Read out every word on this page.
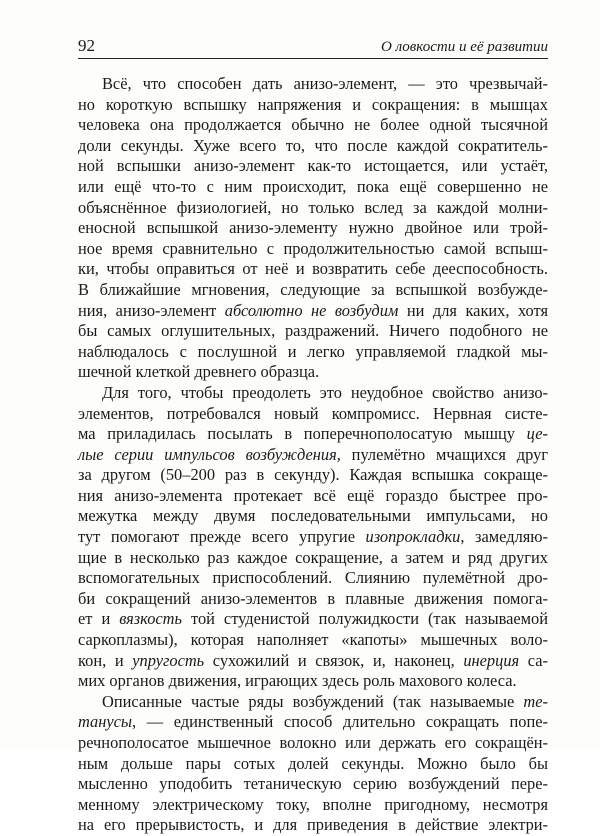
92	О ловкости и её развитии
Всё, что способен дать анизо-элемент, — это чрезвычай-
но короткую вспышку напряжения и сокращения: в мышцах
человека она продолжается обычно не более одной тысячной
доли секунды. Хуже всего то, что после каждой сократитель-
ной вспышки анизо-элемент как-то истощается, или устаёт,
или ещё что-то с ним происходит, пока ещё совершенно не
объяснённое физиологией, но только вслед за каждой молни-
еносной вспышкой анизо-элементу нужно двойное или трой-
ное время сравнительно с продолжительностью самой вспыш-
ки, чтобы оправиться от неё и возвратить себе дееспособность.
В ближайшие мгновения, следующие за вспышкой возбужде-
ния, анизо-элемент абсолютно не возбудим ни для каких, хотя
бы самых оглушительных, раздражений. Ничего подобного не
наблюдалось с послушной и легко управляемой гладкой мы-
шечной клеткой древнего образца.
Для того, чтобы преодолеть это неудобное свойство анизо-
элементов, потребовался новый компромисс. Нервная систе-
ма приладилась посылать в поперечнополосатую мышцу це-
лые серии импульсов возбуждения, пулемётно мчащихся друг
за другом (50–200 раз в секунду). Каждая вспышка сокраще-
ния анизо-элемента протекает всё ещё гораздо быстрее про-
межутка между двумя последовательными импульсами, но
тут помогают прежде всего упругие изопрокладки, замедляю-
щие в несколько раз каждое сокращение, а затем и ряд других
вспомогательных приспособлений. Слиянию пулемётной дро-
би сокращений анизо-элементов в плавные движения помога-
ет и вязкость той студенистой полужидкости (так называемой
саркоплазмы), которая наполняет «капоты» мышечных воло-
кон, и упругость сухожилий и связок, и, наконец, инерция са-
мих органов движения, играющих здесь роль махового колеса.
Описанные частые ряды возбуждений (так называемые те-
танусы, — единственный способ длительно сокращать попе-
речнополосатое мышечное волокно или держать его сокращён-
ным дольше пары сотых долей секунды. Можно было бы
мысленно уподобить тетаническую серию возбуждений пере-
менному электрическому току, вполне пригодному, несмотря
на его прерывистость, и для приведения в действие электри-
